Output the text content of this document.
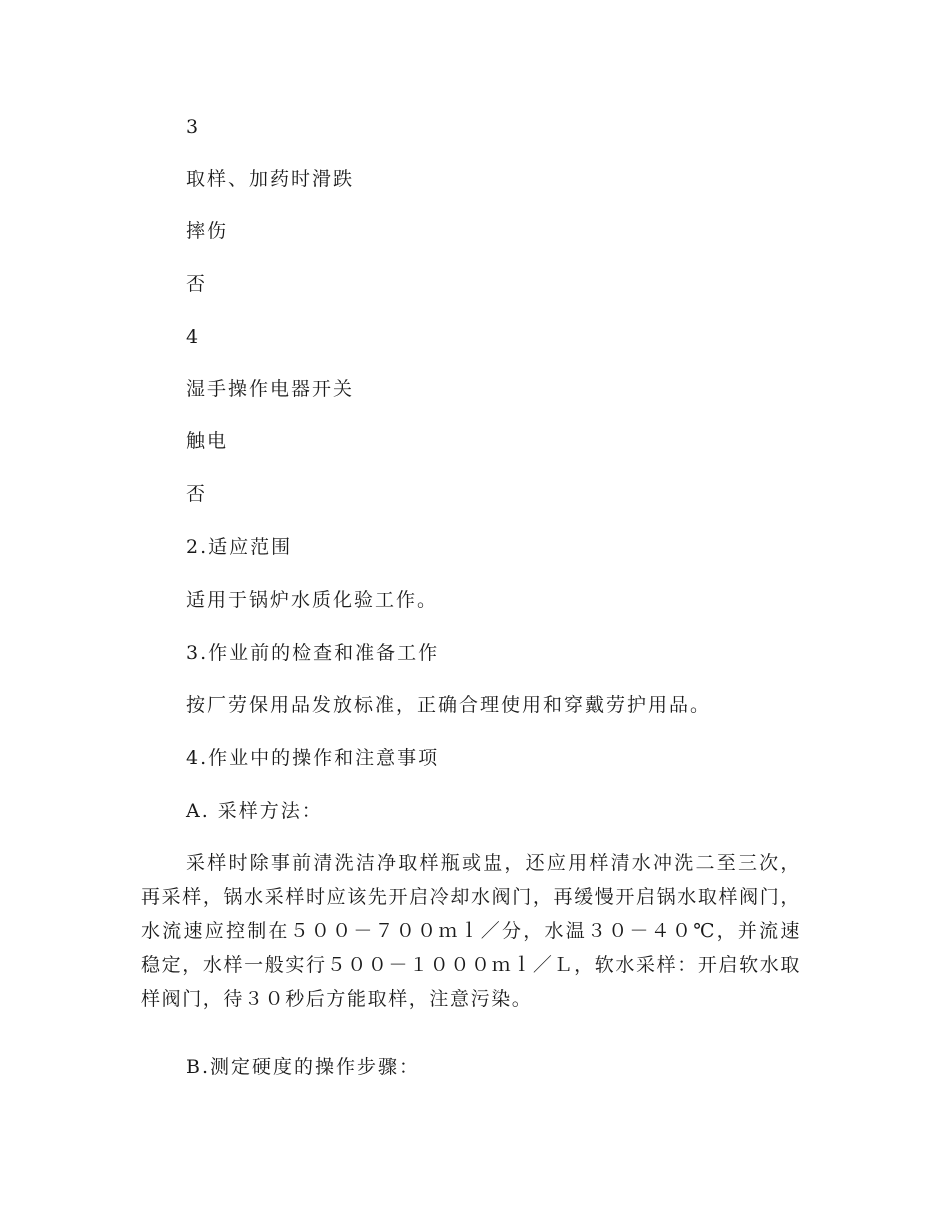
3
取样、加药时滑跌
摔伤
否
4
湿手操作电器开关
触电
否
2.适应范围
适用于锅炉水质化验工作。
3.作业前的检查和准备工作
按厂劳保用品发放标准，正确合理使用和穿戴劳护用品。
4.作业中的操作和注意事项
A. 采样方法：
采样时除事前清洗洁净取样瓶或盅，还应用样清水冲洗二至三次，再采样，锅水采样时应该先开启冷却水阀门，再缓慢开启锅水取样阀门，水流速应控制在５００－７００ｍｌ／分，水温３０－４０℃，并流速稳定，水样一般实行５００－１０００ｍｌ／Ｌ，软水采样：开启软水取样阀门，待３０秒后方能取样，注意污染。
B.测定硬度的操作步骤：
